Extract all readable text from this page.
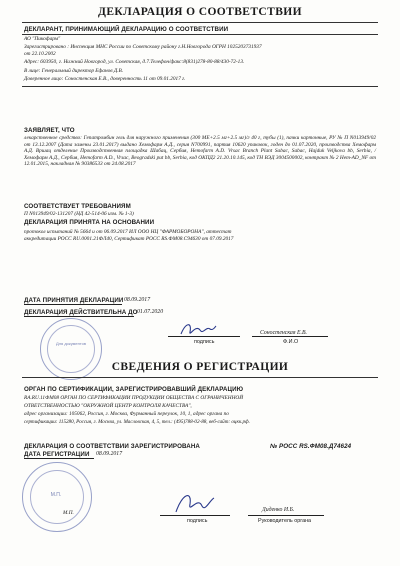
ДЕКЛАРАЦИЯ О СООТВЕТСТВИИ
ДЕКЛАРАНТ, ПРИНИМАЮЩИЙ ДЕКЛАРАЦИЮ О СООТВЕТСТВИИ
АО "Пикофарм"
Зарегистрировано : Инспекция МНС России по Советскому району г.Н.Новгорода ОГРН 1025203731937
от 22.10.2002
Адрес: 603950, г. Нижний Новгород, ул. Советская, д.7.Телефон/факс:8(831)278-80-88/430-72-13.
В лице: Генеральный директор Ефанов Д.В.
Доверенное лицо: Соностенская Е.В., доверенность 11 от 09.01.2017 г.
ЗАЯВЛЯЕТ, ЧТО
лекарственное средство: Гепатромбин гель для наружного применения (300 МЕ+2.5 мг+2.5 мг)/г 40 г, тубы (1), пачки картонные, РУ № П N013949/02 от 13.12.2007 (Дата замены 23.01.2017) выдано Хемофарм А.Д., серия N700991, партия 10620 упаковок, годен до 01.07.2020, производства Хемофарм А.Д. Вршац отделение Производственная площадка Шабац, Сербия, Hemofarm A.D. Vrsac Branch Plant Sabac, Sabac, Hajduk Veljkova bb, Serbia, / Хемофарм А.Д., Сербия, Hemofarm A.D., Vrsac, Beogradski put bb, Serbia, код ОКПД2 21.20.10.145, код ТН ВЭД 3004500002, контракт № 2 Hem-AD_NF от 12.01.2015, накладная № 90386533 от 24.08.2017
СООТВЕТСТВУЕТ ТРЕБОВАНИЯМ
П N013949/02-131207 (НД 42-514-06 изм. № 1-3)
ДЕКЛАРАЦИЯ ПРИНЯТА НА ОСНОВАНИИ
протокол испытаний № 5664 и от 06.09.2017 ИЛ ООО НЦ "ФАРМОБОРОНА", аттестат
аккредитации РОСС RU.0001.21ФЛ40, Сертификат РОСС RS.ФМ08.C94630 от 07.09.2017
ДАТА ПРИНЯТИЯ ДЕКЛАРАЦИИ 08.09.2017
ДЕКЛАРАЦИЯ ДЕЙСТВИТЕЛЬНА ДО 01.07.2020
Для документов
Соностенская Е.В.
подпись	Ф.И.О
СВЕДЕНИЯ О РЕГИСТРАЦИИ
ОРГАН ПО СЕРТИФИКАЦИИ, ЗАРЕГИСТРИРОВАВШИЙ ДЕКЛАРАЦИЮ
RA.RU.11ФМ08 ОРГАН ПО СЕРТИФИКАЦИИ ПРОДУКЦИИ ОБЩЕСТВА С ОГРАНИЧЕННОЙ
ОТВЕТСТВЕННОСТЬЮ "ОКРУЖНОЙ ЦЕНТР КОНТРОЛЯ КАЧЕСТВА",
адрес организации: 105062, Россия, г. Москва, Фурманный переулок, 10, 1, адрес органа по
сертификации: 115280, Россия, г. Москва, ул. Масловская, 4, 5, тел.: (495)788-02-88, веб-сайт: оцкк.рф.
ДЕКЛАРАЦИЯ О СООТВЕТСТВИИ ЗАРЕГИСТРИРОВАНА	№ РОСС RS.ФМ08.Д74624
ДАТА РЕГИСТРАЦИИ 08.09.2017
М.П.
М.П.	Диденко И.Б.
подпись	Руководитель органа
